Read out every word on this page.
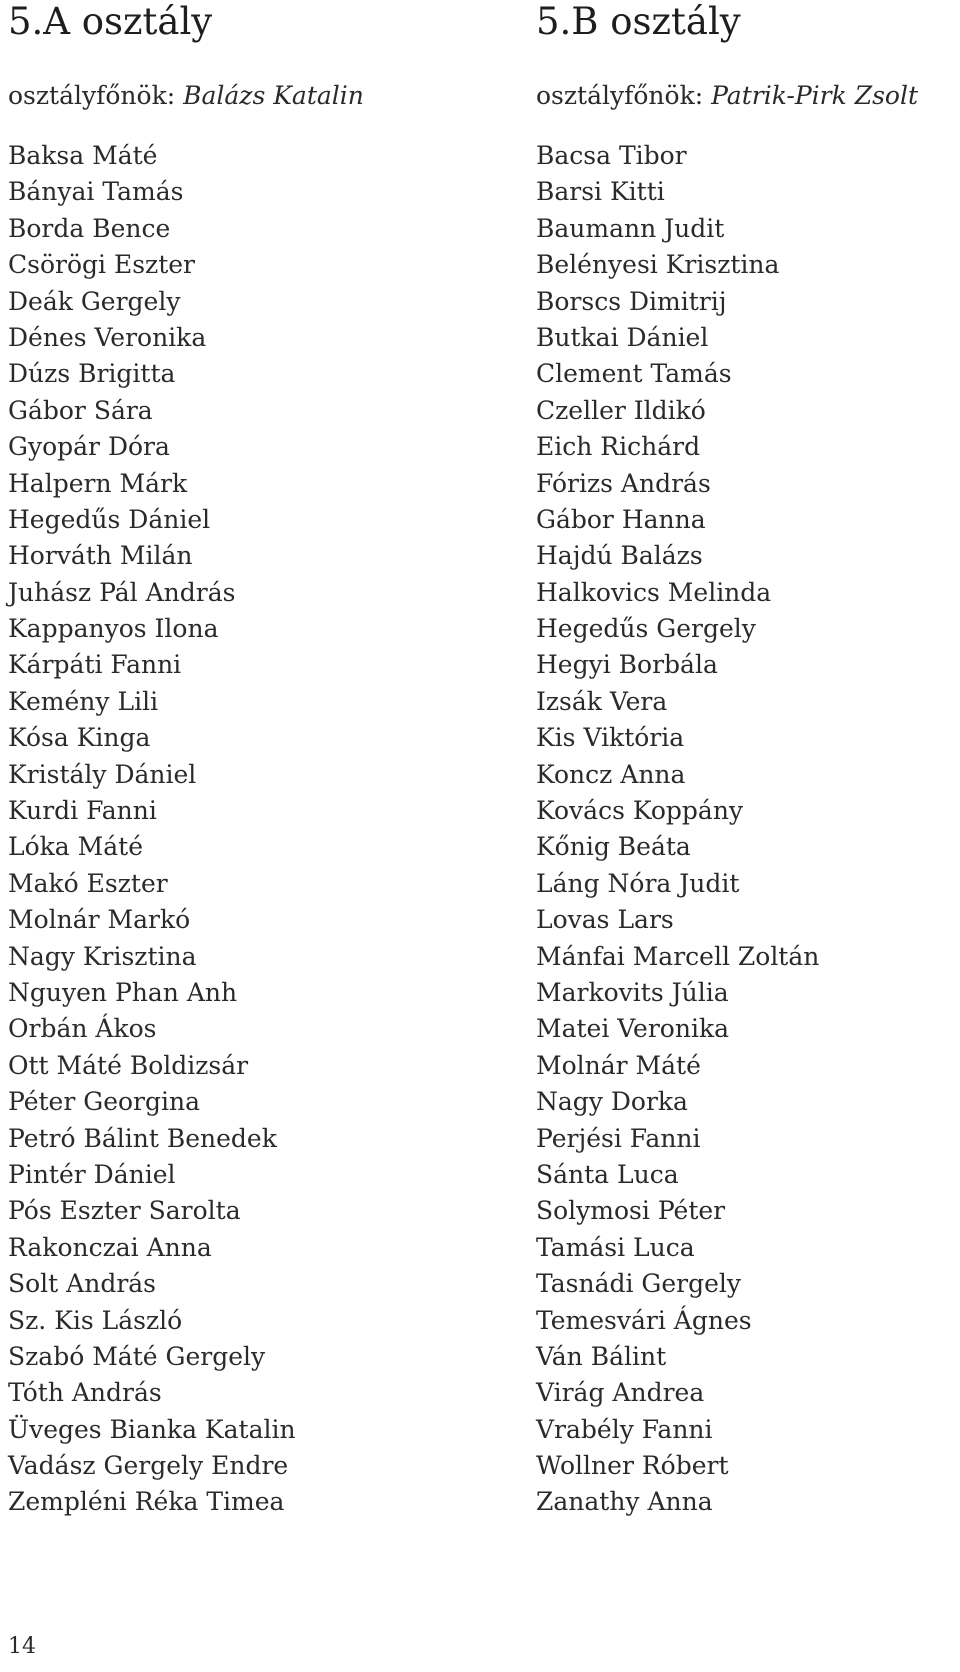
5.A osztály

osztályfőnök: Balázs Katalin

Baksa Máté
Bányai Tamás
Borda Bence
Csörögi Eszter
Deák Gergely
Dénes Veronika
Dúzs Brigitta
Gábor Sára
Gyopár Dóra
Halpern Márk
Hegedűs Dániel
Horváth Milán
Juhász Pál András
Kappanyos Ilona
Kárpáti Fanni
Kemény Lili
Kósa Kinga
Kristály Dániel
Kurdi Fanni
Lóka Máté
Makó Eszter
Molnár Markó
Nagy Krisztina
Nguyen Phan Anh
Orbán Ákos
Ott Máté Boldizsár
Péter Georgina
Petró Bálint Benedek
Pintér Dániel
Pós Eszter Sarolta
Rakonczai Anna
Solt András
Sz. Kis László
Szabó Máté Gergely
Tóth András
Üveges Bianka Katalin
Vadász Gergely Endre
Zempléni Réka Timea
5.B osztály

osztályfőnök: Patrik-Pirk Zsolt

Bacsa Tibor
Barsi Kitti
Baumann Judit
Belényesi Krisztina
Borscs Dimitrij
Butkai Dániel
Clement Tamás
Czeller Ildikó
Eich Richárd
Fórizs András
Gábor Hanna
Hajdú Balázs
Halkovics Melinda
Hegedűs Gergely
Hegyi Borbála
Izsák Vera
Kis Viktória
Koncz Anna
Kovács Koppány
Kőnig Beáta
Láng Nóra Judit
Lovas Lars
Mánfai Marcell Zoltán
Markovits Júlia
Matei Veronika
Molnár Máté
Nagy Dorka
Perjési Fanni
Sánta Luca
Solymosi Péter
Tamási Luca
Tasnádi Gergely
Temesvári Ágnes
Ván Bálint
Virág Andrea
Vrabély Fanni
Wollner Róbert
Zanathy Anna
14
